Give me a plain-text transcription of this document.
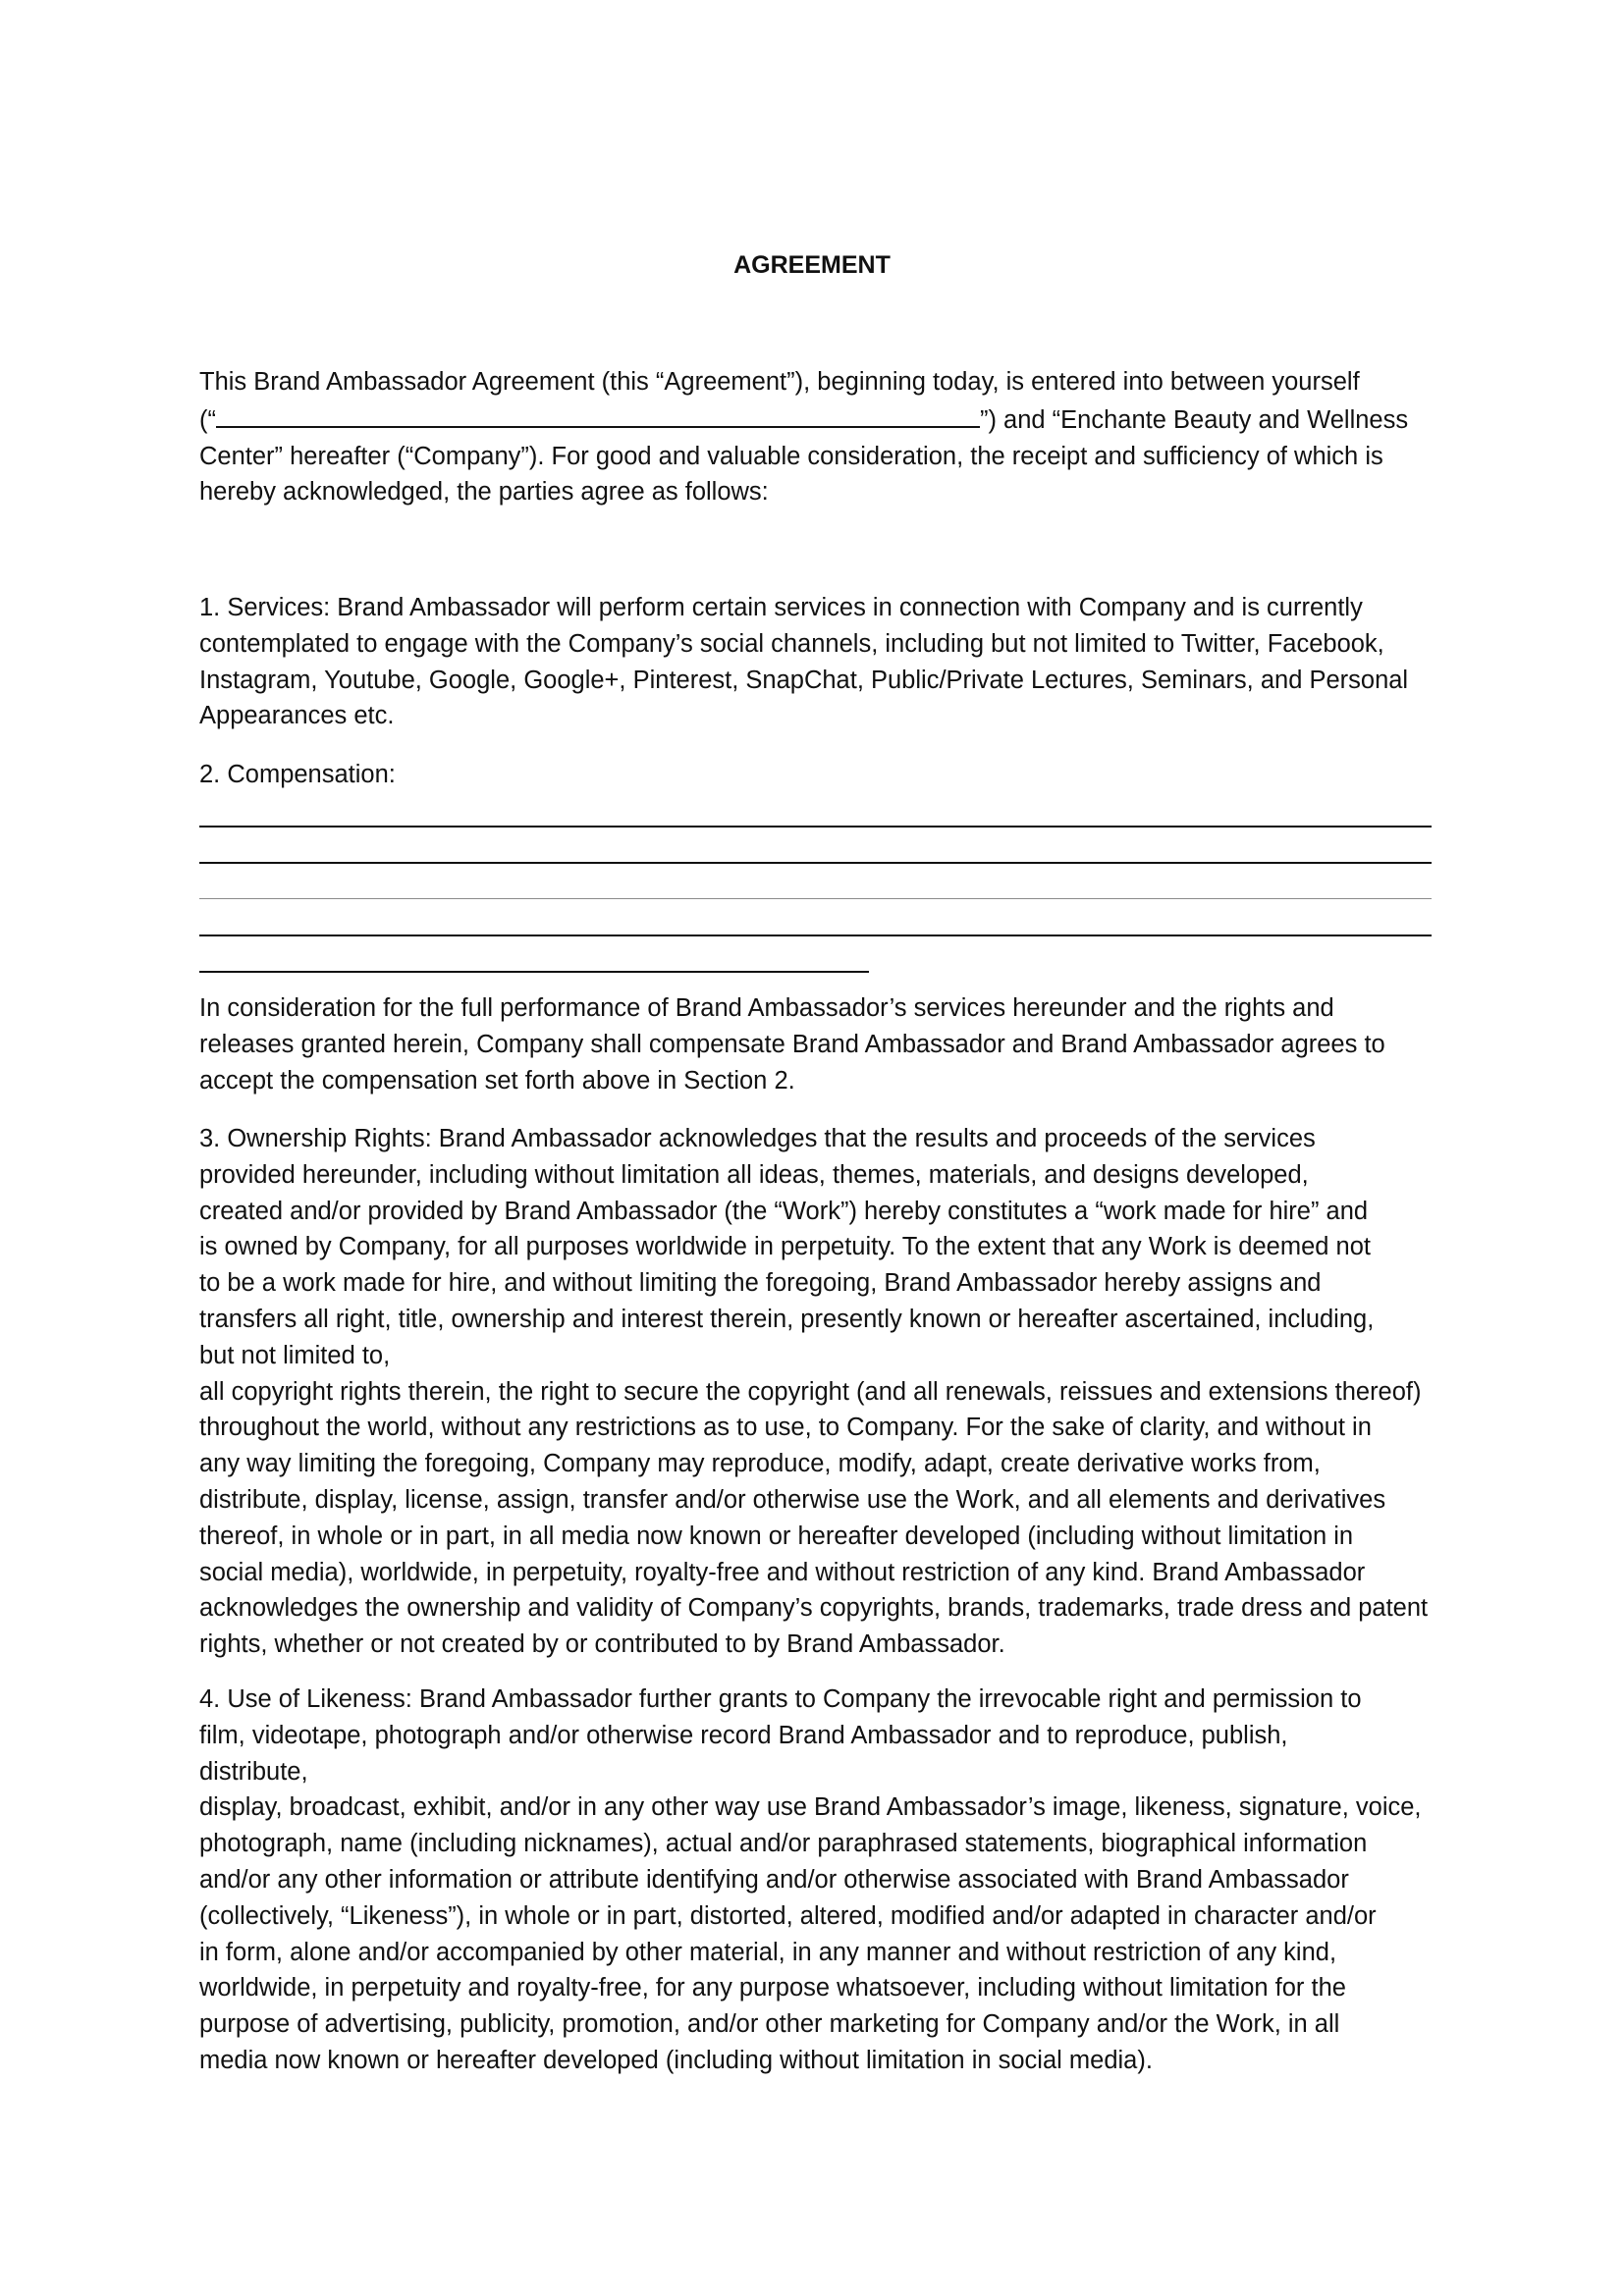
AGREEMENT
This Brand Ambassador Agreement (this “Agreement”), beginning today, is entered into between yourself
(“	”) and “Enchante Beauty and Wellness
Center” hereafter (“Company”). For good and valuable consideration, the receipt and sufficiency of which is
hereby acknowledged, the parties agree as follows:
1. Services: Brand Ambassador will perform certain services in connection with Company and is currently
contemplated to engage with the Company’s social channels, including but not limited to Twitter, Facebook,
Instagram, Youtube, Google, Google+, Pinterest, SnapChat, Public/Private Lectures, Seminars, and Personal
Appearances etc.
2. Compensation:
In consideration for the full performance of Brand Ambassador’s services hereunder and the rights and
releases granted herein, Company shall compensate Brand Ambassador and Brand Ambassador agrees to
accept the compensation set forth above in Section 2.
3. Ownership Rights: Brand Ambassador acknowledges that the results and proceeds of the services
provided hereunder, including without limitation all ideas, themes, materials, and designs developed,
created and/or provided by Brand Ambassador (the “Work”) hereby constitutes a “work made for hire” and
is owned by Company, for all purposes worldwide in perpetuity. To the extent that any Work is deemed not
to be a work made for hire, and without limiting the foregoing, Brand Ambassador hereby assigns and
transfers all right, title, ownership and interest therein, presently known or hereafter ascertained, including,
but not limited to,
all copyright rights therein, the right to secure the copyright (and all renewals, reissues and extensions thereof)
throughout the world, without any restrictions as to use, to Company. For the sake of clarity, and without in
any way limiting the foregoing, Company may reproduce, modify, adapt, create derivative works from,
distribute, display, license, assign, transfer and/or otherwise use the Work, and all elements and derivatives
thereof, in whole or in part, in all media now known or hereafter developed (including without limitation in
social media), worldwide, in perpetuity, royalty-free and without restriction of any kind. Brand Ambassador
acknowledges the ownership and validity of Company’s copyrights, brands, trademarks, trade dress and patent
rights, whether or not created by or contributed to by Brand Ambassador.
4. Use of Likeness: Brand Ambassador further grants to Company the irrevocable right and permission to
film, videotape, photograph and/or otherwise record Brand Ambassador and to reproduce, publish,
distribute,
display, broadcast, exhibit, and/or in any other way use Brand Ambassador’s image, likeness, signature, voice,
photograph, name (including nicknames), actual and/or paraphrased statements, biographical information
and/or any other information or attribute identifying and/or otherwise associated with Brand Ambassador
(collectively, “Likeness”), in whole or in part, distorted, altered, modified and/or adapted in character and/or
in form, alone and/or accompanied by other material, in any manner and without restriction of any kind,
worldwide, in perpetuity and royalty-free, for any purpose whatsoever, including without limitation for the
purpose of advertising, publicity, promotion, and/or other marketing for Company and/or the Work, in all
media now known or hereafter developed (including without limitation in social media).
